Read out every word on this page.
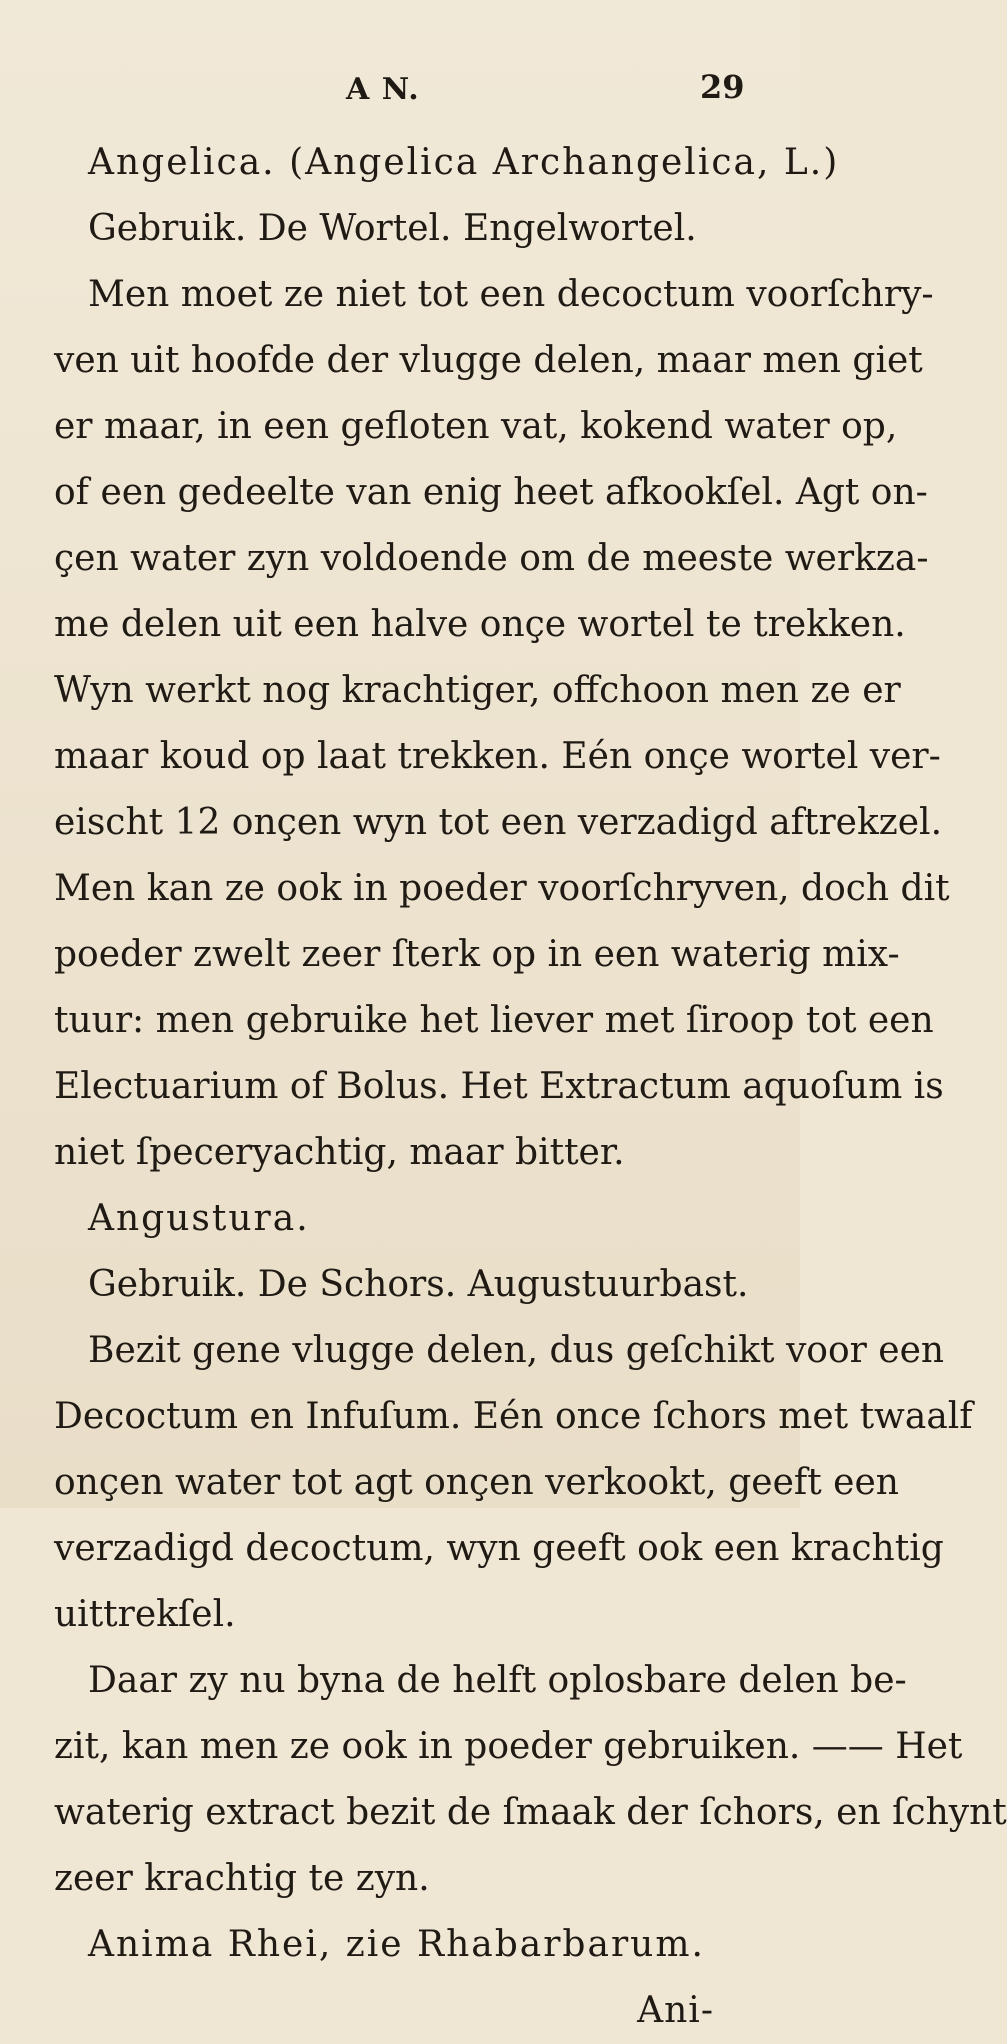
A N.	29
Angelica. (Angelica Archangelica, L.)
Gebruik. De Wortel. Engelwortel.
Men moet ze niet tot een decoctum voorſchry-
ven uit hoofde der vlugge delen, maar men giet
er maar, in een gefloten vat, kokend water op,
of een gedeelte van enig heet afkookſel. Agt on-
çen water zyn voldoende om de meeste werkza-
me delen uit een halve onçe wortel te trekken.
Wyn werkt nog krachtiger, offchoon men ze er
maar koud op laat trekken. Eén onçe wortel ver-
eischt 12 onçen wyn tot een verzadigd aftrekzel.
Men kan ze ook in poeder voorſchryven, doch dit
poeder zwelt zeer ſterk op in een waterig mix-
tuur: men gebruike het liever met ſiroop tot een
Electuarium of Bolus. Het Extractum aquoſum is
niet ſpeceryachtig, maar bitter.
Angustura.
Gebruik. De Schors. Augustuurbast.
Bezit gene vlugge delen, dus geſchikt voor een
Decoctum en Infuſum. Eén once ſchors met twaalf
onçen water tot agt onçen verkookt, geeft een
verzadigd decoctum, wyn geeft ook een krachtig
uittrekſel.
Daar zy nu byna de helft oplosbare delen be-
zit, kan men ze ook in poeder gebruiken. —— Het
waterig extract bezit de ſmaak der ſchors, en ſchynt
zeer krachtig te zyn.
Anima Rhei, zie Rhabarbarum.
Ani-
